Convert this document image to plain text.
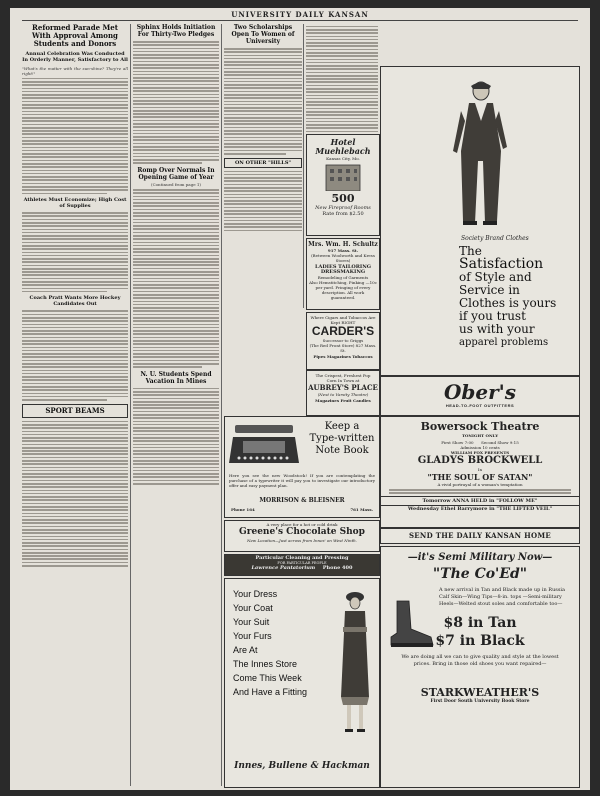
UNIVERSITY DAILY KANSAN
Reformed Parade Met With Approval Among Students and Donors
Annual Celebration Was Conducted In Orderly Manner, Satisfactory to All
"What's the matter with the sun-shine? They're all right!"
Athletes Must Economize; High Cost of Supplies
Coach Pratt Wants More Hockey Candidates Out
SPORT BEAMS
Sphinx Holds Initiation For Thirty-Two Pledges
Romp Over Normals In Opening Game of Year
(Continued from page 1)
N. U. Students Spend Vacation In Mines
Two Scholarships Open To Women of University
ON OTHER "HILLS"
Society Brand Clothes
The
Satisfaction
of Style and
Service in
Clothes is yours
if you trust
us with your
apparel problems
Hotel Muehlebach
Kansas City, Mo.
500
New Fireproof Rooms
Rate from $2.50
Mrs. Wm. H. Schultz
917 Mass. St.
(Between Woolworth and Kress Stores)
LADIES TAILORING DRESSMAKING
Remodeling of Garments
Also Hemstitching, Pinking —10c per yard. Fringing of every description. All work guaranteed.
Where Cigars and Tobaccos Are Kept RIGHT
CARDER'S
Successor to Griggs
(The Red Front Store) 827 Mass. St.
Pipes Magazines Tobaccos
The Crispest, Freshest Pop Corn In Town at
AUBREY'S PLACE
(Next to Varsity Theatre)
Magazines Fruit Candies	Ober's
HEAD-TO-FOOT OUTFITTERS
Keep a
Type-written
Note Book
Here you see the new Woodstock! If you are contemplating the purchase of a typewriter it will pay you to investigate our introductory offer and easy payment plan.
MORRISON & BLEISNER
Phone 164	761 Mass.
Bowersock Theatre
TONIGHT ONLY
First Show 7:00      Second Show 9:15
Admission 10 cents
WILLIAM FOX PRESENTS
GLADYS BROCKWELL
In
"THE SOUL OF SATAN"
A vivid portrayal of a woman's temptation
Tomorrow ANNA HELD in "FOLLOW ME"
Wednesday Ethel Barrymore in "THE LIFTED VEIL"
A very place for a hot or cold drink
Greene's Chocolate Shop
New Location—Just across from Innes' on West Ninth.
Particular Cleaning and Pressing
FOR PARTICULAR PEOPLE
Lawrence Pantatorium Phone 400
SEND THE DAILY KANSAN HOME
Your Dress
Your Coat
Your Suit
Your Furs
Are At
The Innes Store
Come This Week
And Have a Fitting
Innes, Bullene & Hackman
—it's Semi Military Now—
"The Co'Ed"
A new arrival in Tan and Black made up in Russia Calf Skin—Wing Tips—8-in. tops —Semi-military Heels—Welted stout soles and comfortable too—
$8 in Tan
$7 in Black
We are doing all we can to give quality and style at the lowest prices. Bring in those old shoes you want repaired—
STARKWEATHER'S
First Door South University Book Store
